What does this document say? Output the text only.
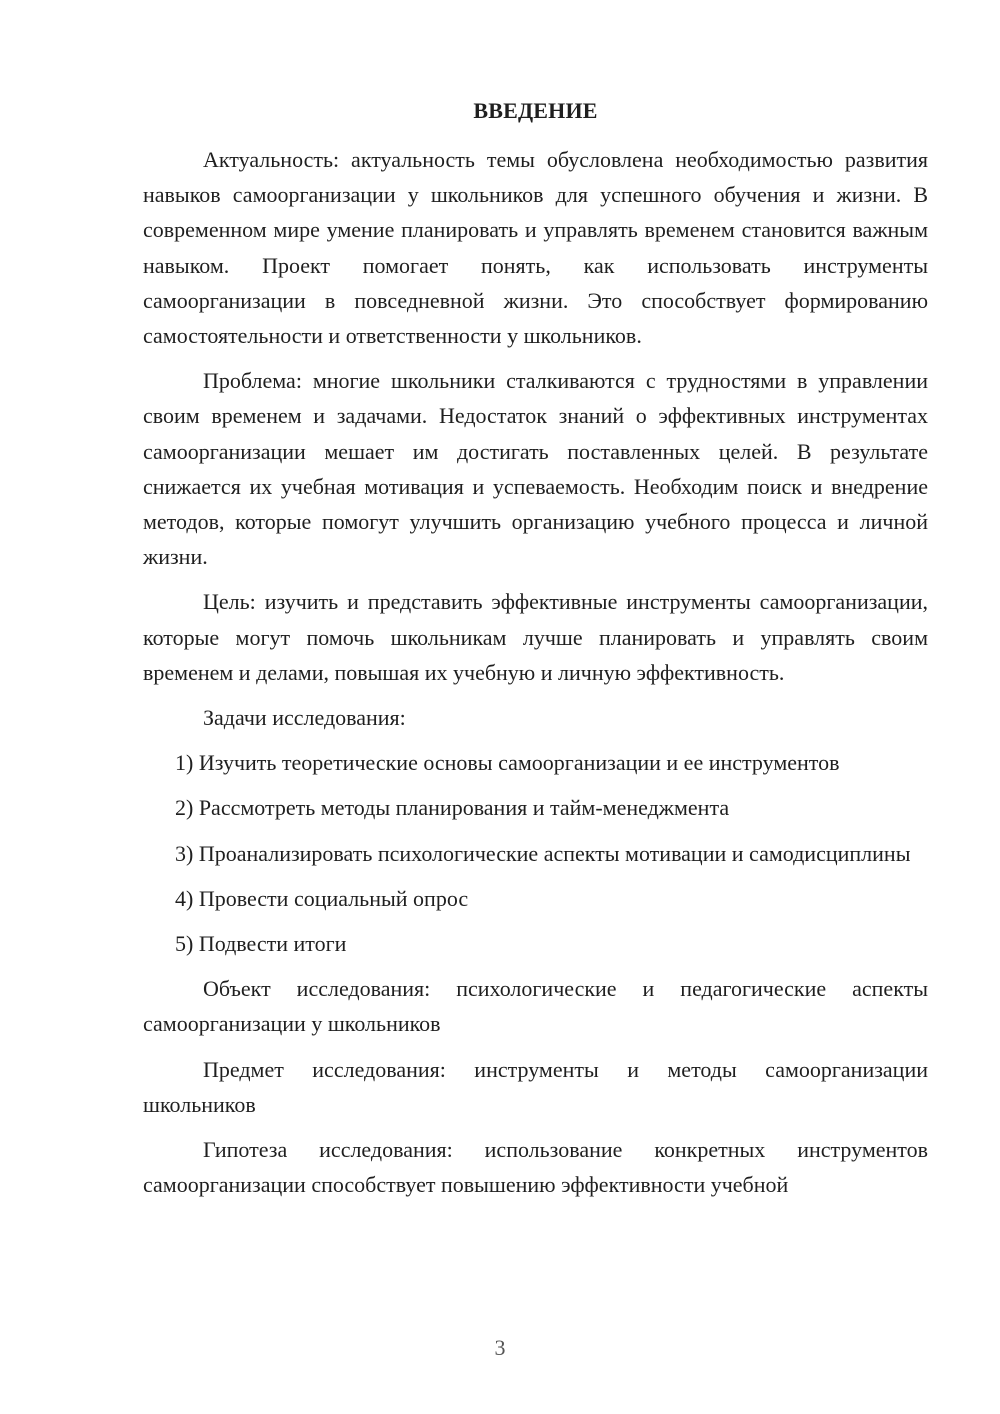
ВВЕДЕНИЕ

Актуальность: актуальность темы обусловлена необходимостью развития навыков самоорганизации у школьников для успешного обучения и жизни. В современном мире умение планировать и управлять временем становится важным навыком. Проект помогает понять, как использовать инструменты самоорганизации в повседневной жизни. Это способствует формированию самостоятельности и ответственности у школьников.

Проблема: многие школьники сталкиваются с трудностями в управлении своим временем и задачами. Недостаток знаний о эффективных инструментах самоорганизации мешает им достигать поставленных целей. В результате снижается их учебная мотивация и успеваемость. Необходим поиск и внедрение методов, которые помогут улучшить организацию учебного процесса и личной жизни.

Цель: изучить и представить эффективные инструменты самоорганизации, которые могут помочь школьникам лучше планировать и управлять своим временем и делами, повышая их учебную и личную эффективность.

Задачи исследования:

1) Изучить теоретические основы самоорганизации и ее инструментов

2) Рассмотреть методы планирования и тайм-менеджмента

3) Проанализировать психологические аспекты мотивации и самодисциплины

4) Провести социальный опрос

5) Подвести итоги

Объект исследования: психологические и педагогические аспекты самоорганизации у школьников

Предмет исследования: инструменты и методы самоорганизации школьников

Гипотеза исследования: использование конкретных инструментов самоорганизации способствует повышению эффективности учебной

3
